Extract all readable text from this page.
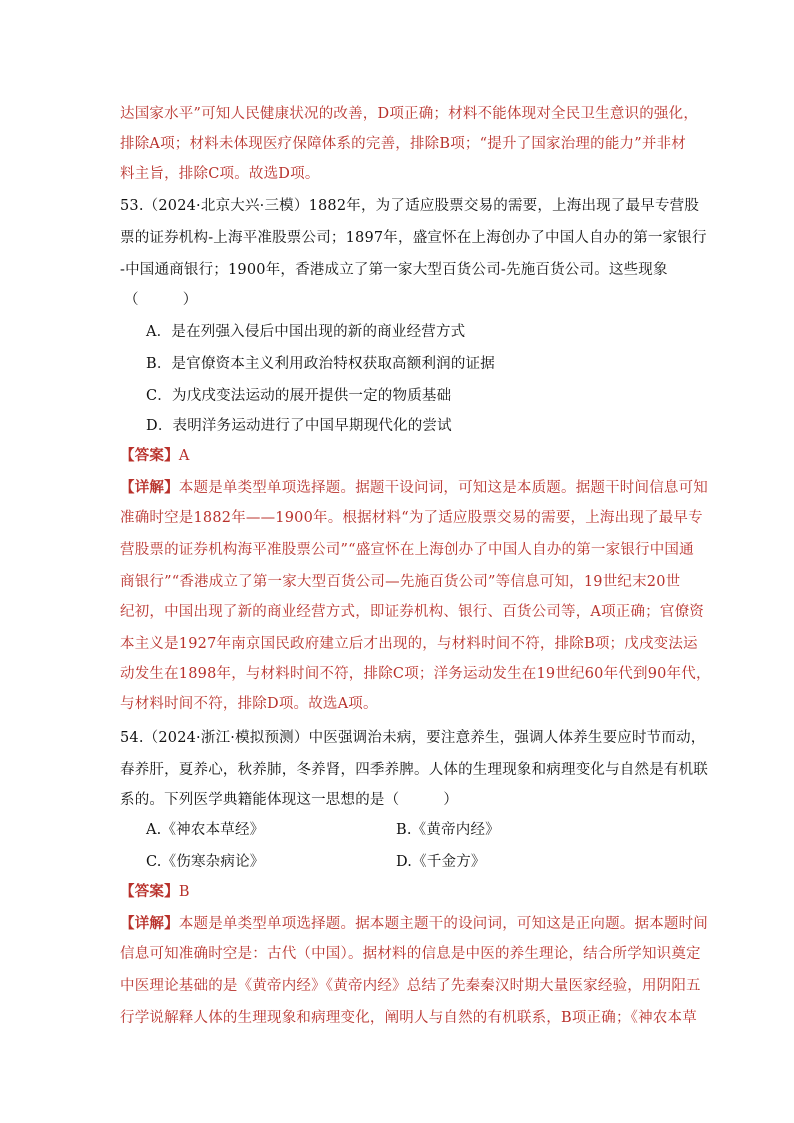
达国家水平”可知人民健康状况的改善，D项正确；材料不能体现对全民卫生意识的强化，
排除A项；材料未体现医疗保障体系的完善，排除B项；“提升了国家治理的能力”并非材
料主旨，排除C项。故选D项。
53.（2024·北京大兴·三模）1882年，为了适应股票交易的需要，上海出现了最早专营股
票的证券机构-上海平准股票公司；1897年，盛宣怀在上海创办了中国人自办的第一家银行
-中国通商银行；1900年，香港成立了第一家大型百货公司-先施百货公司。这些现象
（　　　）
A．是在列强入侵后中国出现的新的商业经营方式
B．是官僚资本主义利用政治特权获取高额利润的证据
C．为戊戌变法运动的展开提供一定的物质基础
D．表明洋务运动进行了中国早期现代化的尝试
【答案】A
【详解】本题是单类型单项选择题。据题干设问词，可知这是本质题。据题干时间信息可知
准确时空是1882年——1900年。根据材料“为了适应股票交易的需要，上海出现了最早专
营股票的证券机构海平准股票公司”“盛宣怀在上海创办了中国人自办的第一家银行中国通
商银行”“香港成立了第一家大型百货公司—先施百货公司”等信息可知，19世纪末20世
纪初，中国出现了新的商业经营方式，即证券机构、银行、百货公司等，A项正确；官僚资
本主义是1927年南京国民政府建立后才出现的，与材料时间不符，排除B项；戊戌变法运
动发生在1898年，与材料时间不符，排除C项；洋务运动发生在19世纪60年代到90年代，
与材料时间不符，排除D项。故选A项。
54.（2024·浙江·模拟预测）中医强调治未病，要注意养生，强调人体养生要应时节而动，
春养肝，夏养心，秋养肺，冬养肾，四季养脾。人体的生理现象和病理变化与自然是有机联
系的。下列医学典籍能体现这一思想的是（　　　）
A.《神农本草经》	B.《黄帝内经》
C.《伤寒杂病论》	D.《千金方》
【答案】B
【详解】本题是单类型单项选择题。据本题主题干的设问词，可知这是正向题。据本题时间
信息可知准确时空是：古代（中国）。据材料的信息是中医的养生理论，结合所学知识奠定
中医理论基础的是《黄帝内经》《黄帝内经》总结了先秦秦汉时期大量医家经验，用阴阳五
行学说解释人体的生理现象和病理变化，阐明人与自然的有机联系，B项正确；《神农本草
